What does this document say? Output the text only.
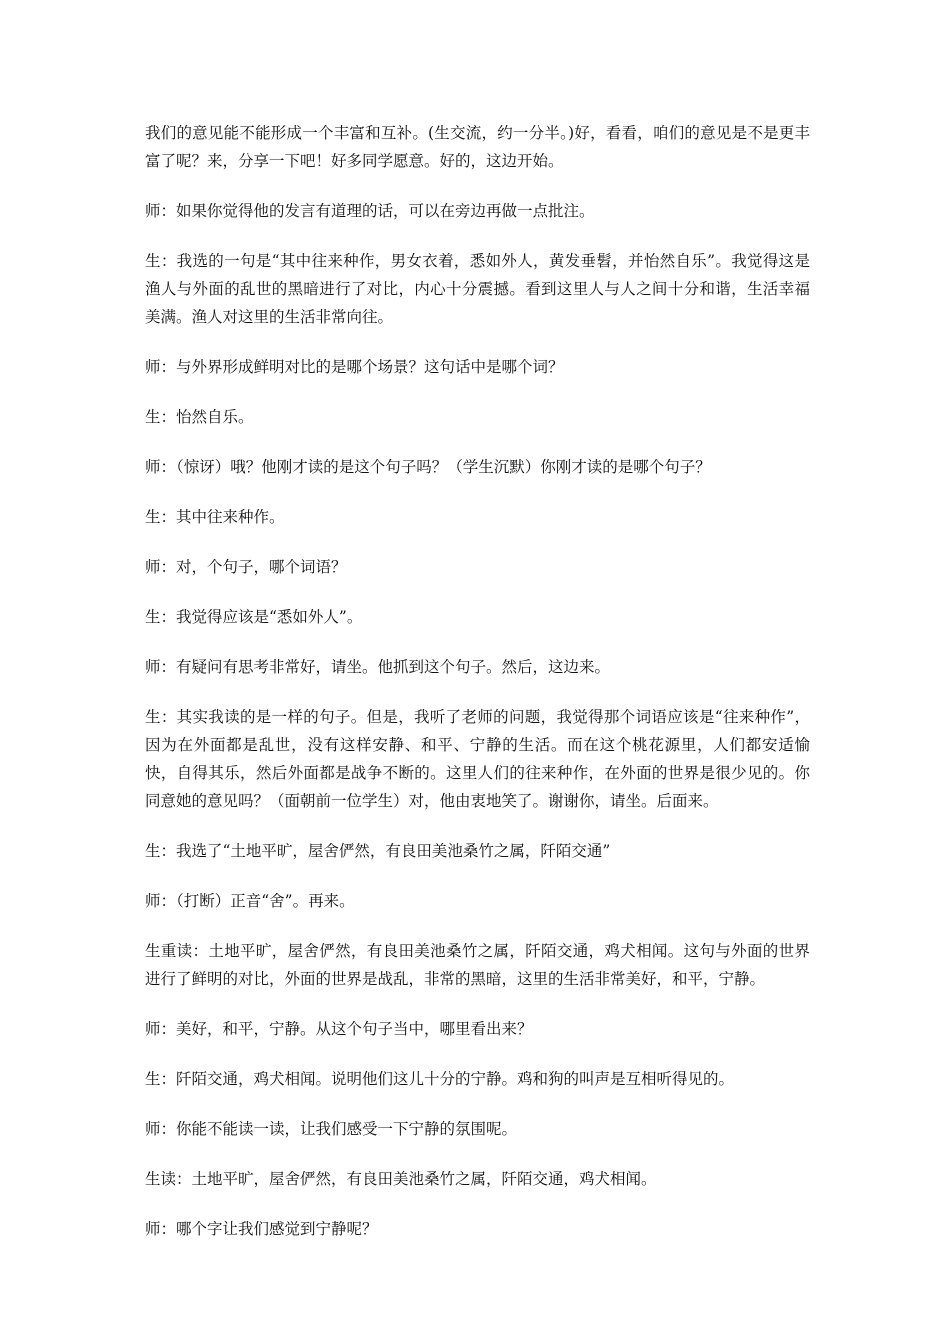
我们的意见能不能形成一个丰富和互补。(生交流，约一分半。)好，看看，咱们的意见是不是更丰富了呢？来，分享一下吧！好多同学愿意。好的，这边开始。

师：如果你觉得他的发言有道理的话，可以在旁边再做一点批注。

生：我选的一句是“其中往来种作，男女衣着，悉如外人，黄发垂髫，并怡然自乐”。我觉得这是渔人与外面的乱世的黑暗进行了对比，内心十分震撼。看到这里人与人之间十分和谐，生活幸福美满。渔人对这里的生活非常向往。

师：与外界形成鲜明对比的是哪个场景？这句话中是哪个词？

生：怡然自乐。

师：（惊讶）哦？他刚才读的是这个句子吗？（学生沉默）你刚才读的是哪个句子？

生：其中往来种作。

师：对，个句子，哪个词语？

生：我觉得应该是“悉如外人”。

师：有疑问有思考非常好，请坐。他抓到这个句子。然后，这边来。

生：其实我读的是一样的句子。但是，我听了老师的问题，我觉得那个词语应该是“往来种作”，因为在外面都是乱世，没有这样安静、和平、宁静的生活。而在这个桃花源里，人们都安适愉快，自得其乐，然后外面都是战争不断的。这里人们的往来种作，在外面的世界是很少见的。你同意她的意见吗？（面朝前一位学生）对，他由衷地笑了。谢谢你，请坐。后面来。

生：我选了“土地平旷，屋舍俨然，有良田美池桑竹之属，阡陌交通”

师：（打断）正音“舍”。再来。

生重读：土地平旷，屋舍俨然，有良田美池桑竹之属，阡陌交通，鸡犬相闻。这句与外面的世界进行了鲜明的对比，外面的世界是战乱，非常的黑暗，这里的生活非常美好，和平，宁静。

师：美好，和平，宁静。从这个句子当中，哪里看出来？

生：阡陌交通，鸡犬相闻。说明他们这儿十分的宁静。鸡和狗的叫声是互相听得见的。

师：你能不能读一读，让我们感受一下宁静的氛围呢。

生读：土地平旷，屋舍俨然，有良田美池桑竹之属，阡陌交通，鸡犬相闻。

师：哪个字让我们感觉到宁静呢？
